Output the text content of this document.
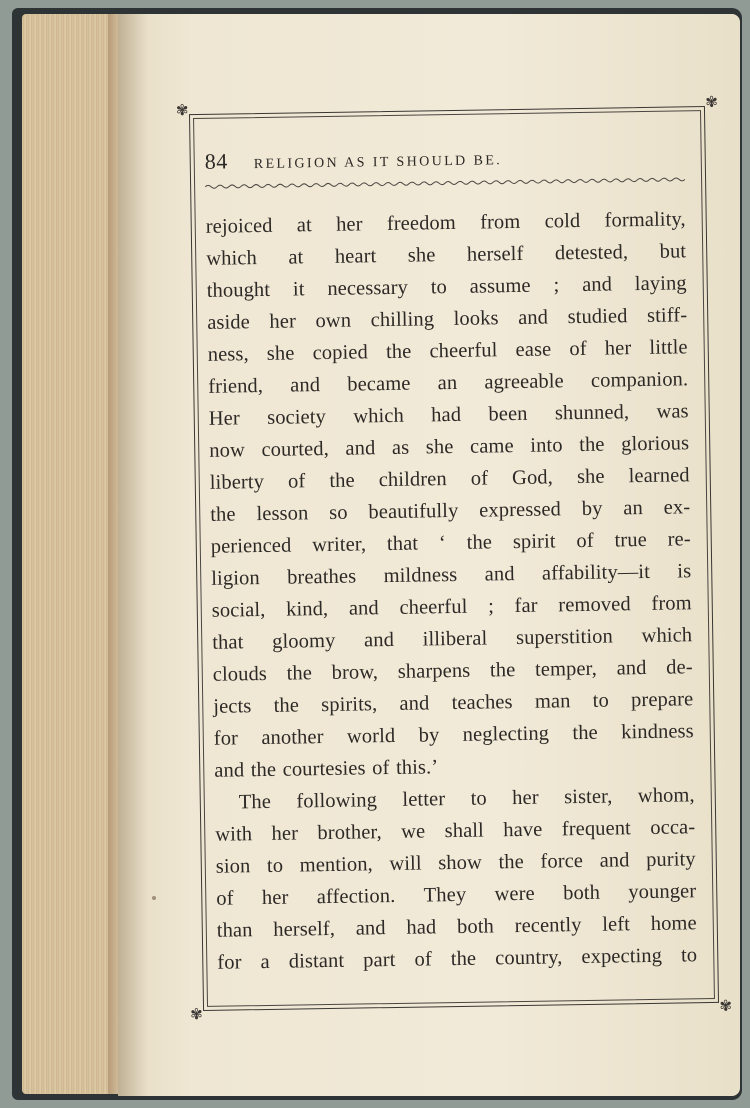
✾	✾
✾	✾
84 RELIGION AS IT SHOULD BE.
rejoiced at her freedom from cold formality,
which at heart she herself detested, but
thought it necessary to assume ; and laying
aside her own chilling looks and studied stiff-
ness, she copied the cheerful ease of her little
friend, and became an agreeable companion.
Her society which had been shunned, was
now courted, and as she came into the glorious
liberty of the children of God, she learned
the lesson so beautifully expressed by an ex-
perienced writer, that ‘ the spirit of true re-
ligion breathes mildness and affability—it is
social, kind, and cheerful ; far removed from
that gloomy and illiberal superstition which
clouds the brow, sharpens the temper, and de-
jects the spirits, and teaches man to prepare
for another world by neglecting the kindness
and the courtesies of this.’
The following letter to her sister, whom,
with her brother, we shall have frequent occa-
sion to mention, will show the force and purity
of her affection. They were both younger
than herself, and had both recently left home
for a distant part of the country, expecting to
